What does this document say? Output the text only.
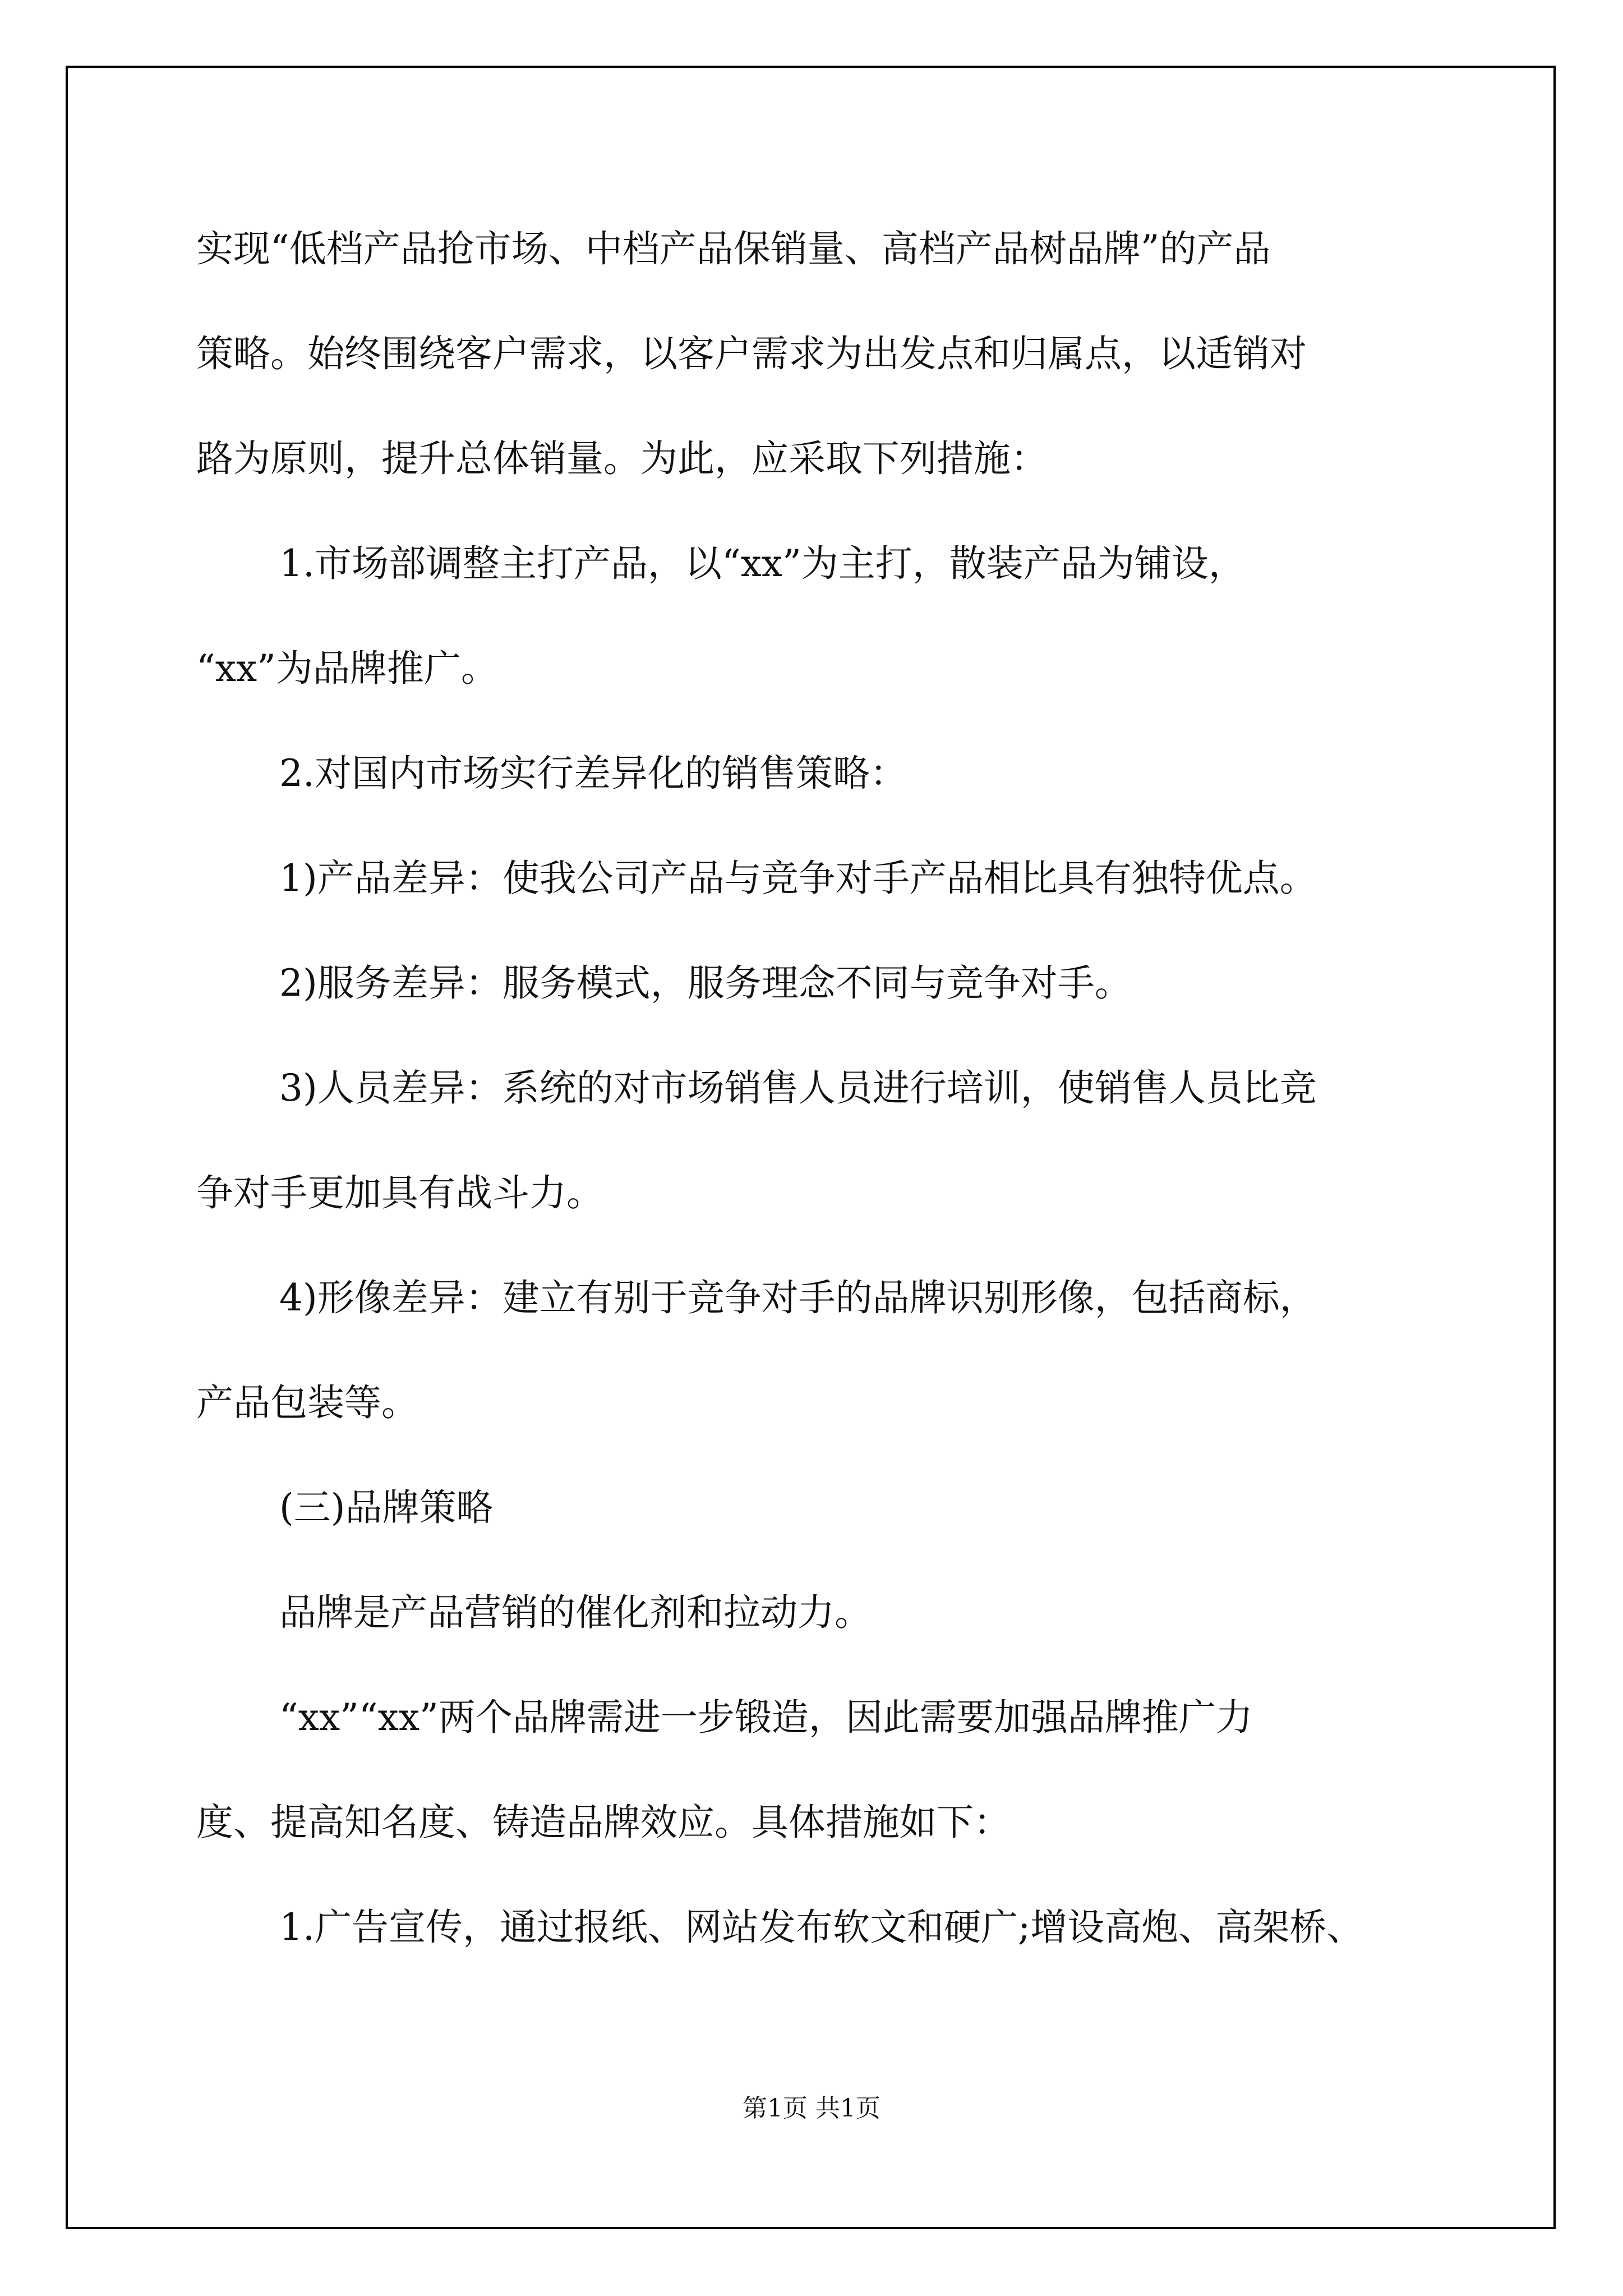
实现“低档产品抢市场、中档产品保销量、高档产品树品牌”的产品
策略。始终围绕客户需求，以客户需求为出发点和归属点，以适销对
路为原则，提升总体销量。为此，应采取下列措施：
1.市场部调整主打产品，以“xx”为主打，散装产品为铺设，
“xx”为品牌推广。
2.对国内市场实行差异化的销售策略：
1)产品差异：使我公司产品与竞争对手产品相比具有独特优点。
2)服务差异：服务模式，服务理念不同与竞争对手。
3)人员差异：系统的对市场销售人员进行培训，使销售人员比竞
争对手更加具有战斗力。
4)形像差异：建立有别于竞争对手的品牌识别形像，包括商标，
产品包装等。
(三)品牌策略
品牌是产品营销的催化剂和拉动力。
“xx”“xx”两个品牌需进一步锻造，因此需要加强品牌推广力
度、提高知名度、铸造品牌效应。具体措施如下：
1.广告宣传，通过报纸、网站发布软文和硬广;增设高炮、高架桥、
第1页 共1页
